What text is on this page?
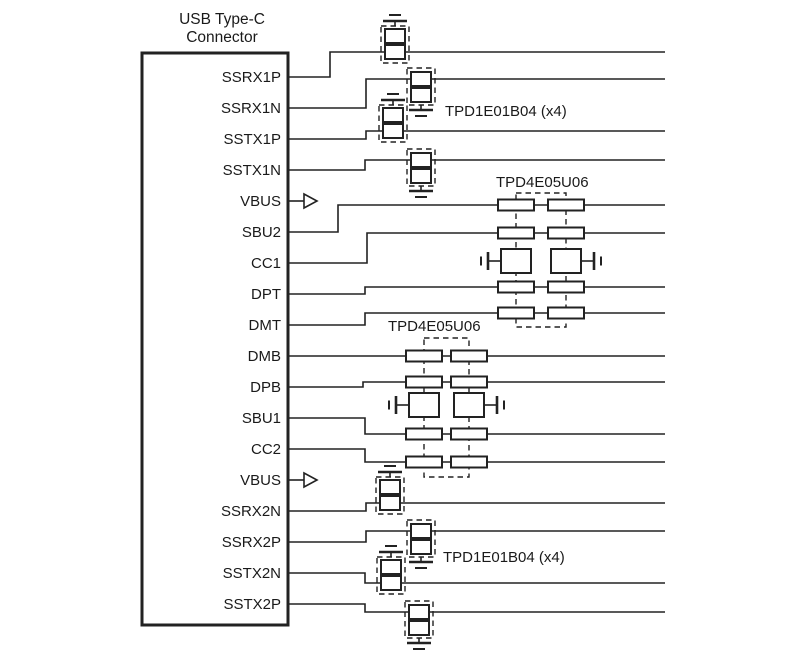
USB Type-C
Connector
SSRX1P
SSRX1N
SSTX1P
SSTX1N
VBUS
SBU2
CC1
DPT
DMT
DMB
DPB
SBU1
CC2
VBUS
SSRX2N
SSRX2P
SSTX2N
SSTX2P
TPD1E01B04 (x4)
TPD4E05U06
TPD4E05U06
TPD1E01B04 (x4)
